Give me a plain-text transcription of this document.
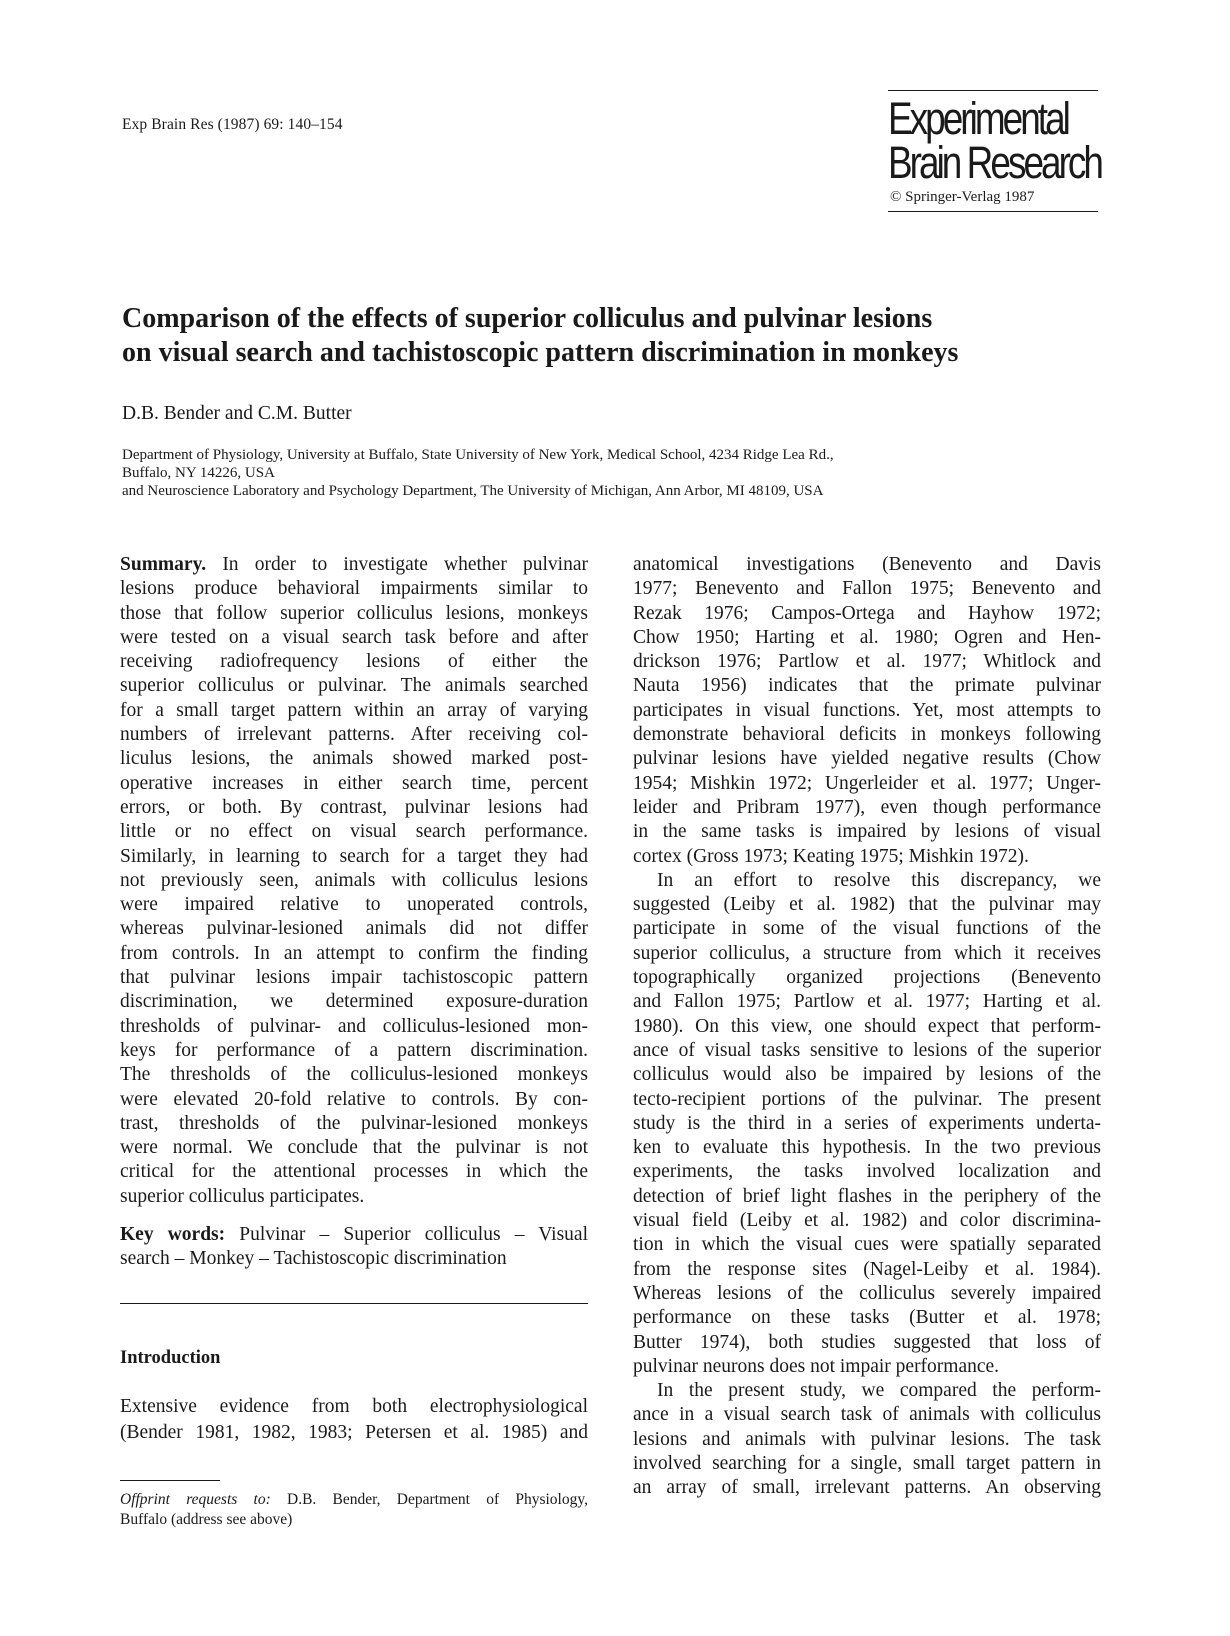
Exp Brain Res (1987) 69: 140–154	Experimental
Brain Research
© Springer-Verlag 1987
Comparison of the effects of superior colliculus and pulvinar lesions
on visual search and tachistoscopic pattern discrimination in monkeys
D.B. Bender and C.M. Butter
Department of Physiology, University at Buffalo, State University of New York, Medical School, 4234 Ridge Lea Rd.,
Buffalo, NY 14226, USA
and Neuroscience Laboratory and Psychology Department, The University of Michigan, Ann Arbor, MI 48109, USA
Summary. In order to investigate whether pulvinar
lesions produce behavioral impairments similar to
those that follow superior colliculus lesions, monkeys
were tested on a visual search task before and after
receiving radiofrequency lesions of either the
superior colliculus or pulvinar. The animals searched
for a small target pattern within an array of varying
numbers of irrelevant patterns. After receiving col-
liculus lesions, the animals showed marked post-
operative increases in either search time, percent
errors, or both. By contrast, pulvinar lesions had
little or no effect on visual search performance.
Similarly, in learning to search for a target they had
not previously seen, animals with colliculus lesions
were impaired relative to unoperated controls,
whereas pulvinar-lesioned animals did not differ
from controls. In an attempt to confirm the finding
that pulvinar lesions impair tachistoscopic pattern
discrimination, we determined exposure-duration
thresholds of pulvinar- and colliculus-lesioned mon-
keys for performance of a pattern discrimination.
The thresholds of the colliculus-lesioned monkeys
were elevated 20-fold relative to controls. By con-
trast, thresholds of the pulvinar-lesioned monkeys
were normal. We conclude that the pulvinar is not
critical for the attentional processes in which the
superior colliculus participates.
Key words: Pulvinar – Superior colliculus – Visual
search – Monkey – Tachistoscopic discrimination
Introduction
Extensive evidence from both electrophysiological
(Bender 1981, 1982, 1983; Petersen et al. 1985) and
Offprint requests to: D.B. Bender, Department of Physiology,
Buffalo (address see above)
anatomical investigations (Benevento and Davis
1977; Benevento and Fallon 1975; Benevento and
Rezak 1976; Campos-Ortega and Hayhow 1972;
Chow 1950; Harting et al. 1980; Ogren and Hen-
drickson 1976; Partlow et al. 1977; Whitlock and
Nauta 1956) indicates that the primate pulvinar
participates in visual functions. Yet, most attempts to
demonstrate behavioral deficits in monkeys following
pulvinar lesions have yielded negative results (Chow
1954; Mishkin 1972; Ungerleider et al. 1977; Unger-
leider and Pribram 1977), even though performance
in the same tasks is impaired by lesions of visual
cortex (Gross 1973; Keating 1975; Mishkin 1972).
In an effort to resolve this discrepancy, we
suggested (Leiby et al. 1982) that the pulvinar may
participate in some of the visual functions of the
superior colliculus, a structure from which it receives
topographically organized projections (Benevento
and Fallon 1975; Partlow et al. 1977; Harting et al.
1980). On this view, one should expect that perform-
ance of visual tasks sensitive to lesions of the superior
colliculus would also be impaired by lesions of the
tecto-recipient portions of the pulvinar. The present
study is the third in a series of experiments underta-
ken to evaluate this hypothesis. In the two previous
experiments, the tasks involved localization and
detection of brief light flashes in the periphery of the
visual field (Leiby et al. 1982) and color discrimina-
tion in which the visual cues were spatially separated
from the response sites (Nagel-Leiby et al. 1984).
Whereas lesions of the colliculus severely impaired
performance on these tasks (Butter et al. 1978;
Butter 1974), both studies suggested that loss of
pulvinar neurons does not impair performance.
In the present study, we compared the perform-
ance in a visual search task of animals with colliculus
lesions and animals with pulvinar lesions. The task
involved searching for a single, small target pattern in
an array of small, irrelevant patterns. An observing
